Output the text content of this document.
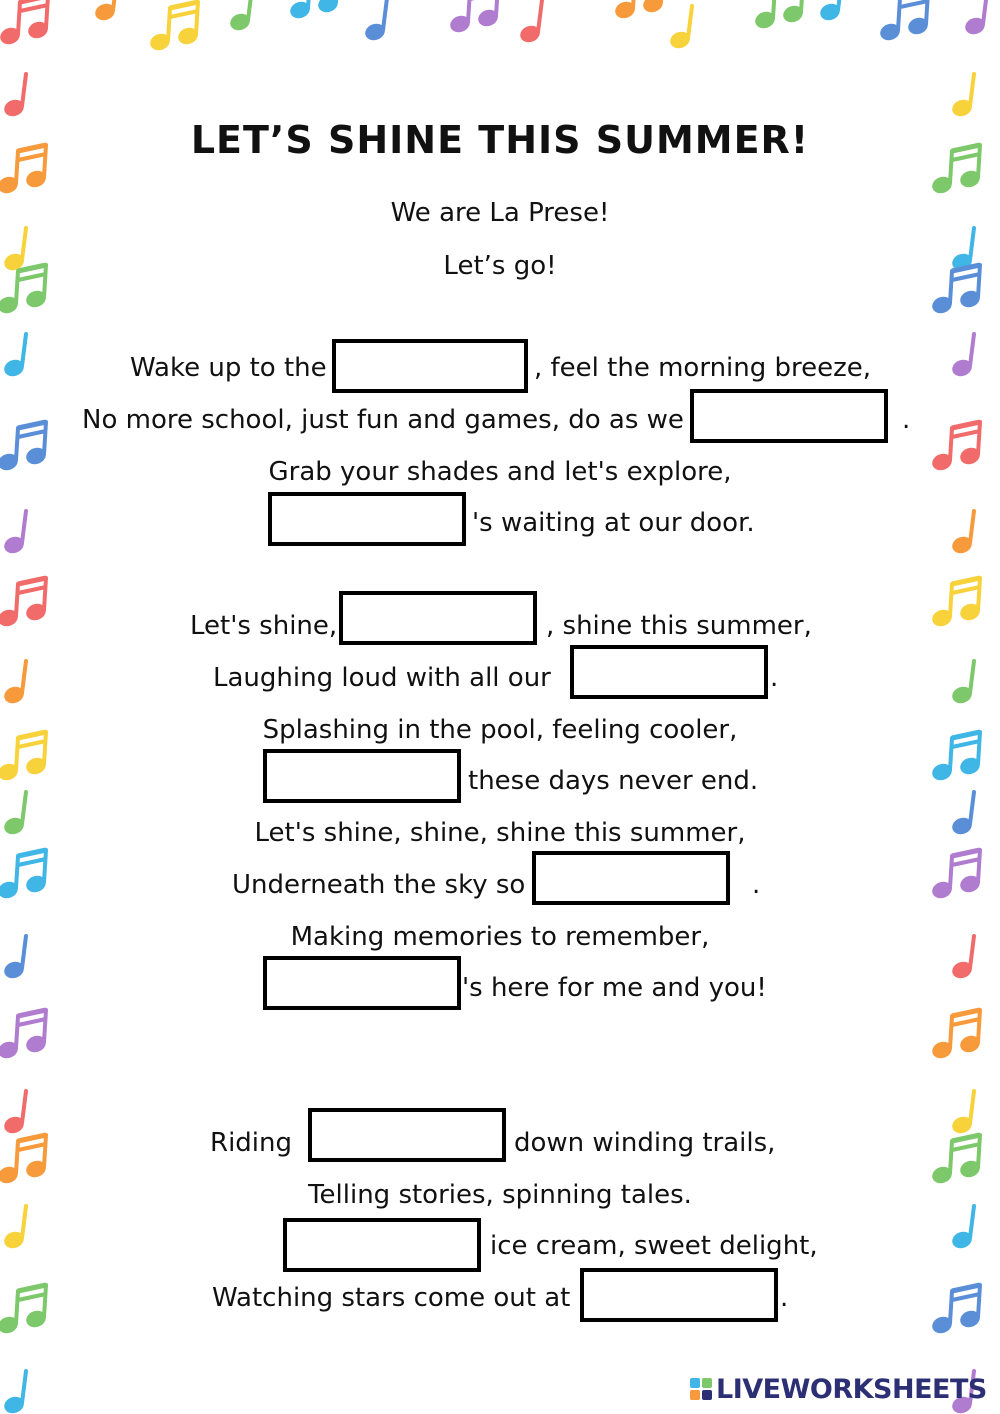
LET’S SHINE THIS SUMMER!
We are La Prese!
Let’s go!
Wake up to the	, feel the morning breeze,
No more school, just fun and games, do as we	.
Grab your shades and let's explore,
's waiting at our door.
Let's shine,	, shine this summer,
Laughing loud with all our	.
Splashing in the pool, feeling cooler,
these days never end.
Let's shine, shine, shine this summer,
Underneath the sky so	.
Making memories to remember,
's here for me and you!
Riding	down winding trails,
Telling stories, spinning tales.
ice cream, sweet delight,
Watching stars come out at	.
LIVEWORKSHEETS
